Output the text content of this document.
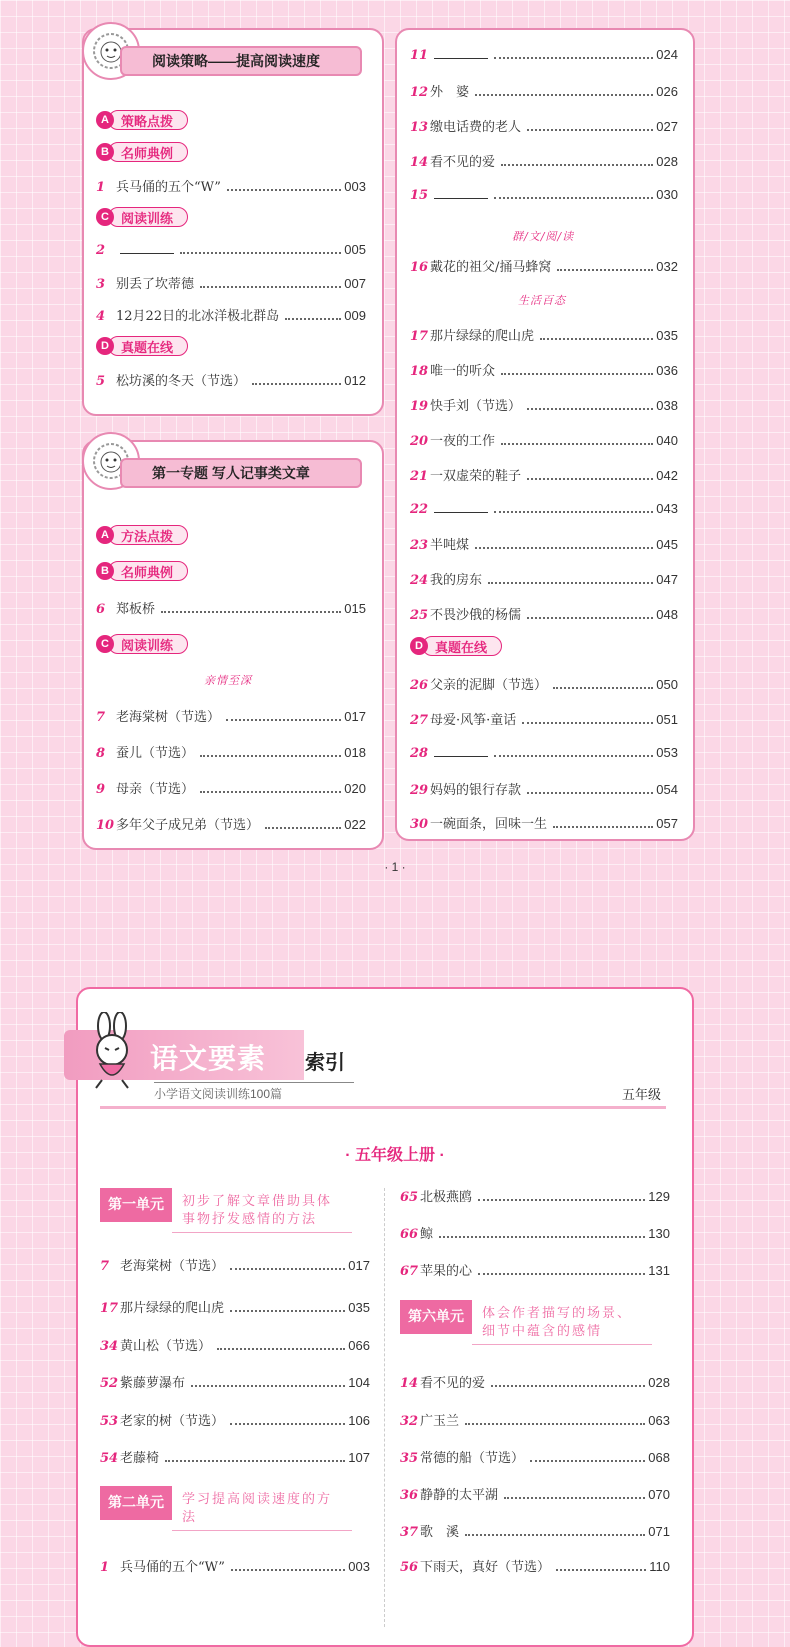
阅读策略——提高阅读速度
A 策略点拨
B 名师典例
1 兵马俑的五个“W”	003
C 阅读训练
2	005
3 别丢了坎蒂德	007
4 12月22日的北冰洋极北群岛	009
D 真题在线
5 松坊溪的冬天（节选）	012
第一专题 写人记事类文章
A 方法点拨
B 名师典例
6 郑板桥	015
C 阅读训练
亲情至深
7 老海棠树（节选）	017
8 蚕儿（节选）	018
9 母亲（节选）	020
10 多年父子成兄弟（节选）	022
11	024
12 外　婆	026
13 缴电话费的老人	027
14 看不见的爱	028
15	030
16 戴花的祖父/捅马蜂窝	032
17 那片绿绿的爬山虎	035
18 唯一的听众	036
19 快手刘（节选）	038
20 一夜的工作	040
21 一双虚荣的鞋子	042
22	043
23 半吨煤	045
24 我的房东	047
25 不畏沙俄的杨儒	048
26 父亲的泥脚（节选）	050
27 母爱·风筝·童话	051
28	053
29 妈妈的银行存款	054
30 一碗面条，回味一生	057
群/文/阅/读
生活百态
D 真题在线
· 1 ·
语文要素 索引
小学语文阅读训练100篇	五年级
· 五年级上册 ·
第一单元	初步了解文章借助具体事物抒发感情的方法
7 老海棠树（节选）	017
17 那片绿绿的爬山虎	035
34 黄山松（节选）	066
52 紫藤萝瀑布	104
53 老家的树（节选）	106
54 老藤椅	107
第二单元	学习提高阅读速度的方法
1 兵马俑的五个“W”	003
65 北极燕鸥	129
66 鲸	130
67 苹果的心	131
第六单元	体会作者描写的场景、细节中蕴含的感情
14 看不见的爱	028
32 广玉兰	063
35 常德的船（节选）	068
36 静静的太平湖	070
37 歌　溪	071
56 下雨天，真好（节选）	110
